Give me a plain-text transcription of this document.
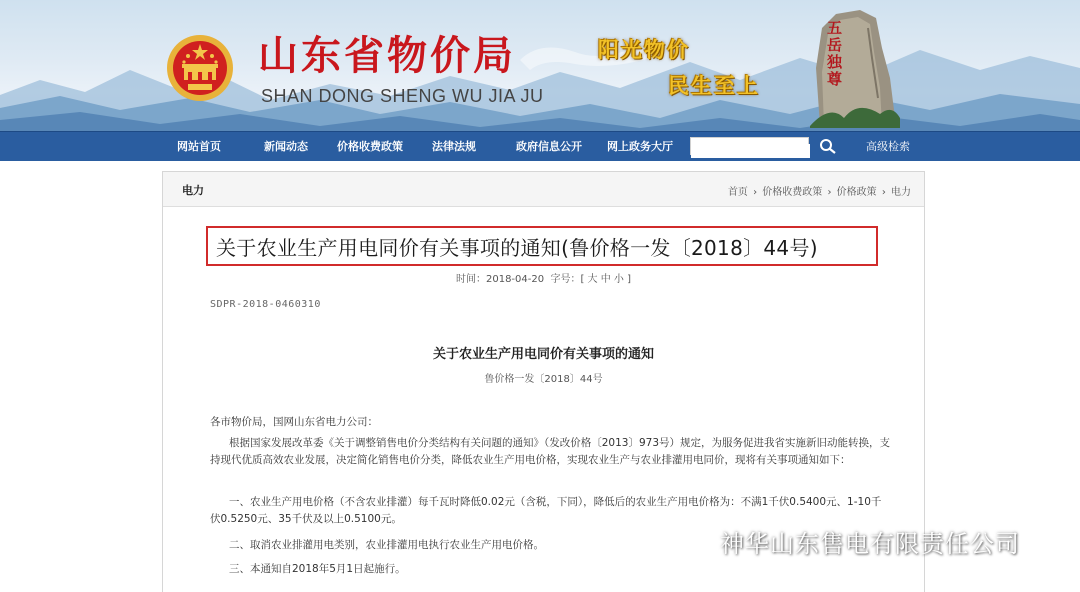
山东省物价局
SHAN DONG SHENG WU JIA JU
阳光物价
民生至上	五岳独尊
网站首页	新闻动态	价格收费政策	法律法规	政府信息公开 网上政务大厅	高级检索
电力	首页 › 价格收费政策 › 价格政策 › 电力
关于农业生产用电同价有关事项的通知(鲁价格一发〔2018〕44号)
时间：2018-04-20 字号：[ 大 中 小 ]
SDPR-2018-0460310
关于农业生产用电同价有关事项的通知
鲁价格一发〔2018〕44号
各市物价局，国网山东省电力公司：
根据国家发展改革委《关于调整销售电价分类结构有关问题的通知》（发改价格〔2013〕973号）规定，为服务促进我省实施新旧动能转换，支持现代优质高效农业发展，决定简化销售电价分类，降低农业生产用电价格，实现农业生产与农业排灌用电同价，现将有关事项通知如下：
一、农业生产用电价格（不含农业排灌）每千瓦时降低0.02元（含税，下同），降低后的农业生产用电价格为：不满1千伏0.5400元、1-10千伏0.5250元、35千伏及以上0.5100元。
二、取消农业排灌用电类别，农业排灌用电执行农业生产用电价格。
三、本通知自2018年5月1日起施行。
神华山东售电有限责任公司
